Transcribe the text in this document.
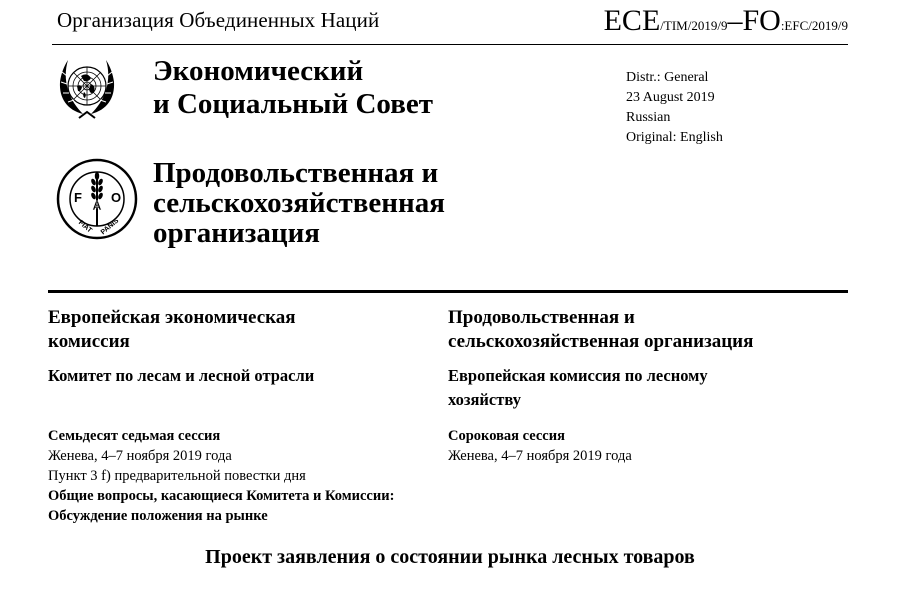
Организация Объединенных Наций	ECE/TIM/2019/9–FO:EFC/2019/9
Экономический
и Социальный Совет
Distr.: General
23 August 2019
Russian
Original: English
F
A
O
FIAT PANIS
Продовольственная и
сельскохозяйственная
организация
Европейская экономическая
комиссия
Комитет по лесам и лесной отрасли
Семьдесят седьмая сессия
Женева, 4–7 ноября 2019 года
Пункт 3 f) предварительной повестки дня
Общие вопросы, касающиеся Комитета и Комиссии:
Обсуждение положения на рынке
Продовольственная и
сельскохозяйственная организация
Европейская комиссия по лесному
хозяйству
Сороковая сессия
Женева, 4–7 ноября 2019 года
Проект заявления о состоянии рынка лесных товаров
